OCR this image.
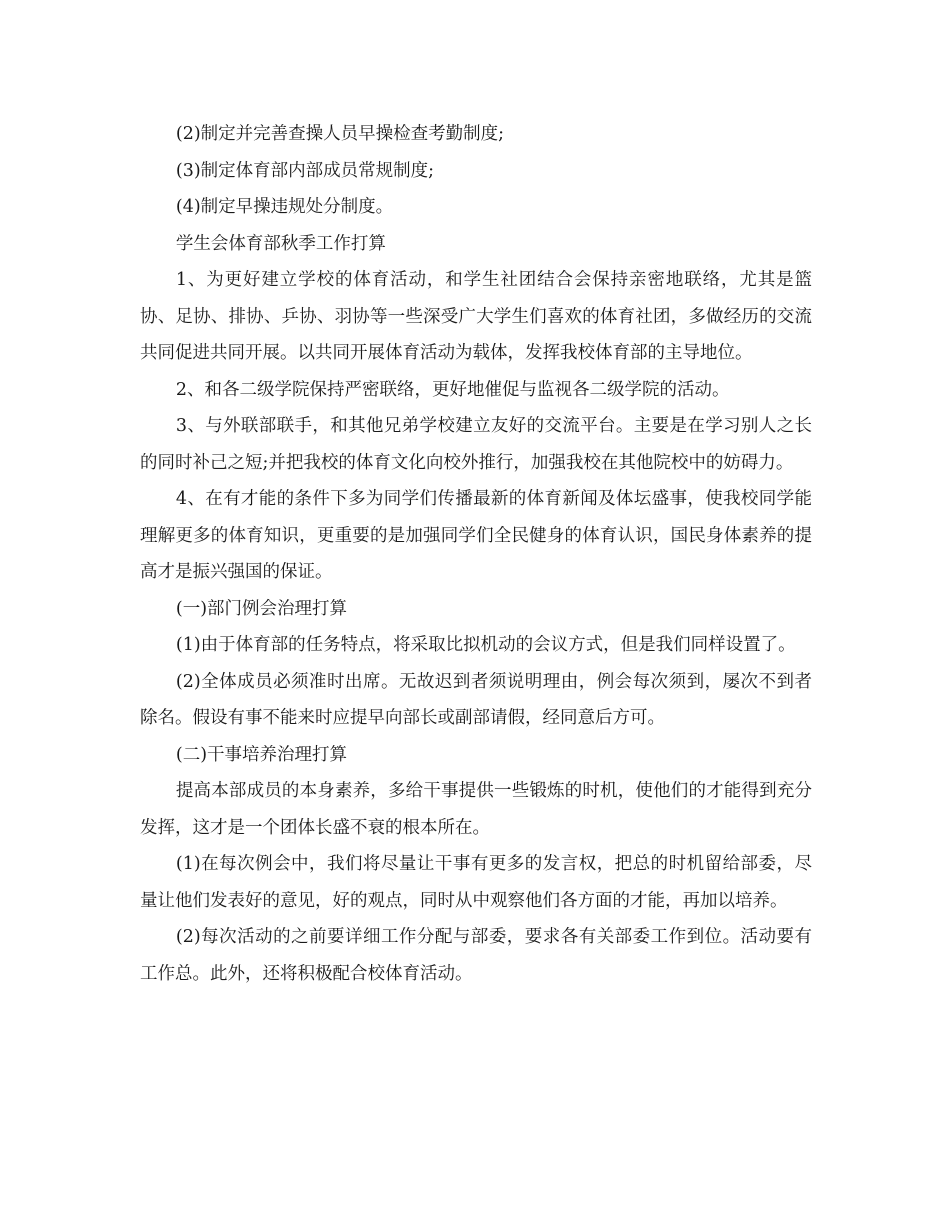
(2)制定并完善查操人员早操检查考勤制度;

(3)制定体育部内部成员常规制度;

(4)制定早操违规处分制度。

学生会体育部秋季工作打算

1、为更好建立学校的体育活动，和学生社团结合会保持亲密地联络，尤其是篮协、足协、排协、乒协、羽协等一些深受广大学生们喜欢的体育社团，多做经历的交流共同促进共同开展。以共同开展体育活动为载体，发挥我校体育部的主导地位。

2、和各二级学院保持严密联络，更好地催促与监视各二级学院的活动。

3、与外联部联手，和其他兄弟学校建立友好的交流平台。主要是在学习别人之长的同时补己之短;并把我校的体育文化向校外推行，加强我校在其他院校中的妨碍力。

4、在有才能的条件下多为同学们传播最新的体育新闻及体坛盛事，使我校同学能理解更多的体育知识，更重要的是加强同学们全民健身的体育认识，国民身体素养的提高才是振兴强国的保证。

(一)部门例会治理打算

(1)由于体育部的任务特点，将采取比拟机动的会议方式，但是我们同样设置了。

(2)全体成员必须准时出席。无故迟到者须说明理由，例会每次须到，屡次不到者除名。假设有事不能来时应提早向部长或副部请假，经同意后方可。

(二)干事培养治理打算

提高本部成员的本身素养，多给干事提供一些锻炼的时机，使他们的才能得到充分发挥，这才是一个团体长盛不衰的根本所在。

(1)在每次例会中，我们将尽量让干事有更多的发言权，把总的时机留给部委，尽量让他们发表好的意见，好的观点，同时从中观察他们各方面的才能，再加以培养。

(2)每次活动的之前要详细工作分配与部委，要求各有关部委工作到位。活动要有工作总。此外，还将积极配合校体育活动。
